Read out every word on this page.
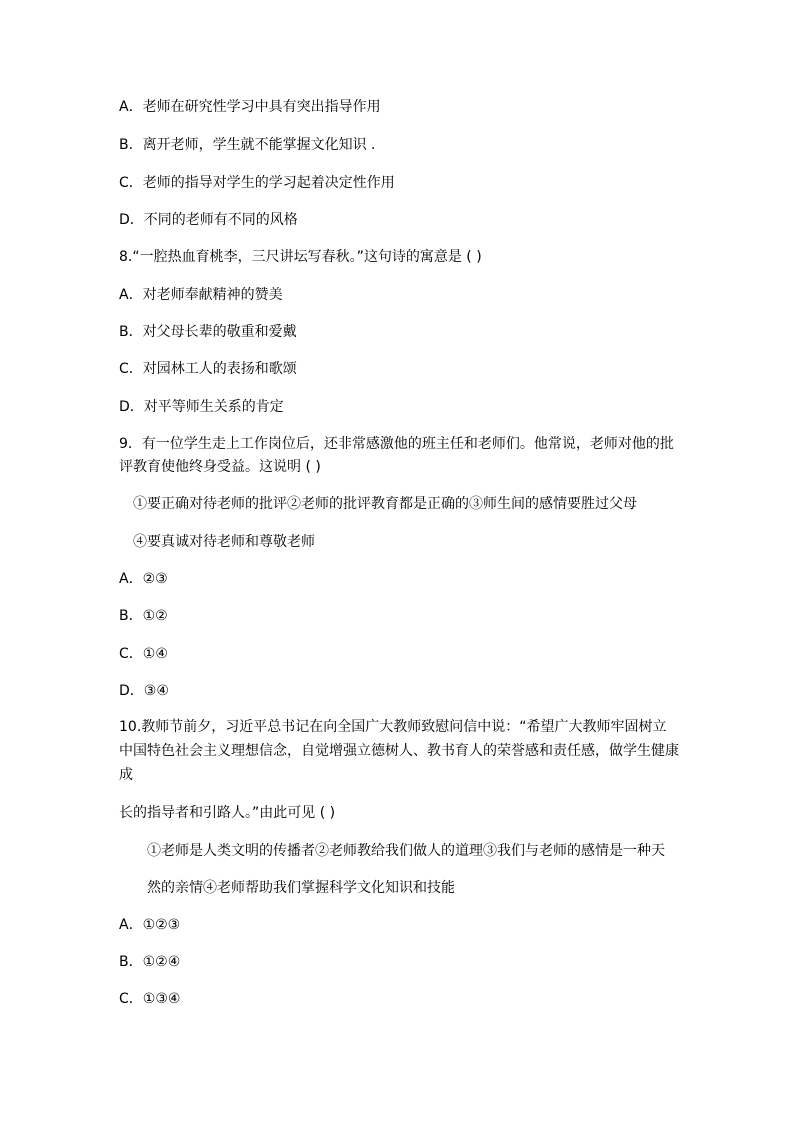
A．老师在研究性学习中具有突出指导作用
B．离开老师，学生就不能掌握文化知识 .
C．老师的指导对学生的学习起着决定性作用
D．不同的老师有不同的风格
8.“一腔热血育桃李，三尺讲坛写春秋。”这句诗的寓意是 ( )
A．对老师奉献精神的赞美
B．对父母长辈的敬重和爱戴
C．对园林工人的表扬和歌颂
D．对平等师生关系的肯定
9．有一位学生走上工作岗位后，还非常感激他的班主任和老师们。他常说，老师对他的批
评教育使他终身受益。这说明 ( )
①要正确对待老师的批评②老师的批评教育都是正确的③师生间的感情要胜过父母
④要真诚对待老师和尊敬老师
A．②③
B．①②
C．①④
D．③④
10.教师节前夕，习近平总书记在向全国广大教师致慰问信中说：“希望广大教师牢固树立
中国特色社会主义理想信念，自觉增强立德树人、教书育人的荣誉感和责任感，做学生健康
成
长的指导者和引路人。”由此可见 ( )
①老师是人类文明的传播者②老师教给我们做人的道理③我们与老师的感情是一种天
然的亲情④老师帮助我们掌握科学文化知识和技能
A．①②③
B．①②④
C．①③④
